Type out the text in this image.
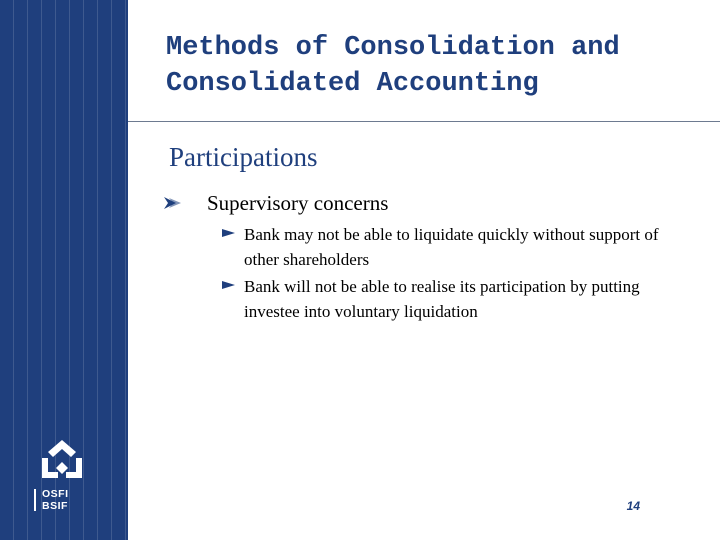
OSFI
BSIF
Methods of Consolidation and Consolidated Accounting
Participations
Supervisory concerns
Bank may not be able to liquidate quickly without support of other shareholders
Bank will not be able to realise its participation by putting investee into voluntary liquidation
14
